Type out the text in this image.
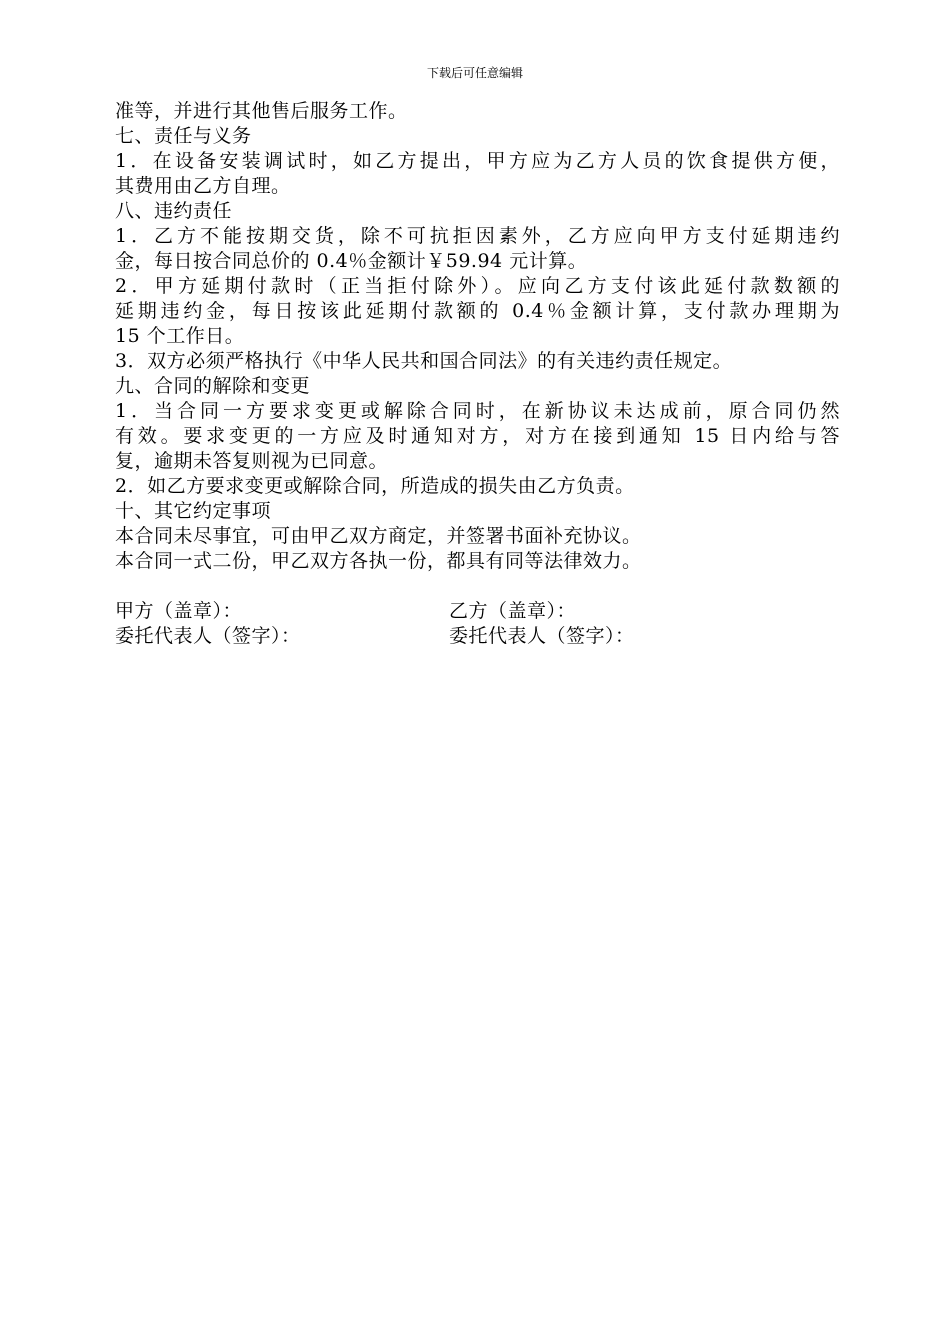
下载后可任意编辑
准等，并进行其他售后服务工作。
七、责任与义务
1．在设备安装调试时，如乙方提出，甲方应为乙方人员的饮食提供方便，
其费用由乙方自理。
八、违约责任
1．乙方不能按期交货，除不可抗拒因素外，乙方应向甲方支付延期违约
金，每日按合同总价的 0.4％金额计￥59.94 元计算。
2．甲方延期付款时（正当拒付除外）。应向乙方支付该此延付款数额的
延期违约金，每日按该此延期付款额的 0.4％金额计算，支付款办理期为
15 个工作日。
3．双方必须严格执行《中华人民共和国合同法》的有关违约责任规定。
九、合同的解除和变更
1．当合同一方要求变更或解除合同时，在新协议未达成前，原合同仍然
有效。要求变更的一方应及时通知对方，对方在接到通知 15 日内给与答
复，逾期未答复则视为已同意。
2．如乙方要求变更或解除合同，所造成的损失由乙方负责。
十、其它约定事项
本合同未尽事宜，可由甲乙双方商定，并签署书面补充协议。
本合同一式二份，甲乙双方各执一份，都具有同等法律效力。
甲方（盖章）：	乙方（盖章）：
委托代表人（签字）：	委托代表人（签字）：
